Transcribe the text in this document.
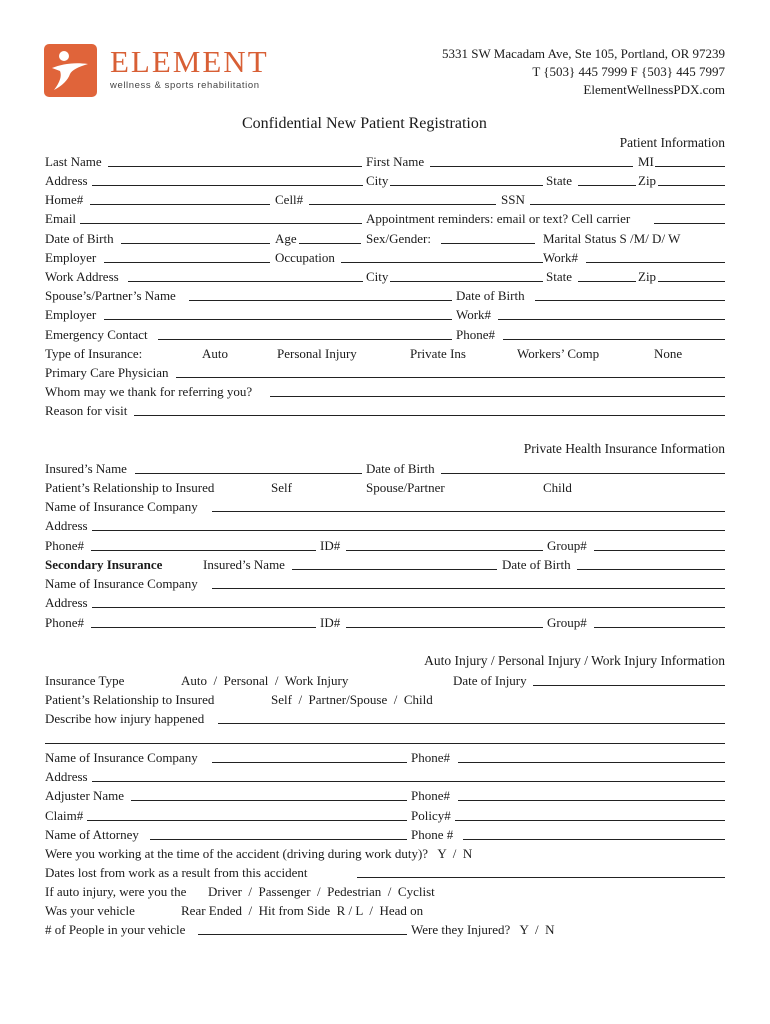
ELEMENT
wellness & sports rehabilitation
5331 SW Macadam Ave, Ste 105, Portland, OR 97239
T {503} 445 7999 F {503} 445 7997
ElementWellnessPDX.com
Confidential New Patient Registration
Patient Information
Last Name	First Name	MI
Address	City	State	Zip
Home#	Cell#	SSN
Email	Appointment reminders: email or text? Cell carrier
Date of Birth	Age	Sex/Gender:	Marital Status S /M/ D/ W
Employer	Occupation	Work#
Work Address	City	State	Zip
Spouse’s/Partner’s Name	Date of Birth
Employer	Work#
Emergency Contact	Phone#
Type of Insurance:	Auto	Personal Injury	Private Ins	Workers’ Comp	None
Primary Care Physician
Whom may we thank for referring you?
Reason for visit
Private Health Insurance Information
Insured’s Name	Date of Birth
Patient’s Relationship to Insured	Self	Spouse/Partner	Child
Name of Insurance Company
Address
Phone#	ID#	Group#
Secondary Insurance	Insured’s Name	Date of Birth
Name of Insurance Company
Address
Phone#	ID#	Group#
Auto Injury / Personal Injury / Work Injury Information
Insurance Type	Auto  /  Personal  /  Work Injury	Date of Injury
Patient’s Relationship to Insured	Self  /  Partner/Spouse  /  Child
Describe how injury happened
Name of Insurance Company	Phone#
Address
Adjuster Name	Phone#
Claim#	Policy#
Name of Attorney	Phone #
Were you working at the time of the accident (driving during work duty)?   Y  /  N
Dates lost from work as a result from this accident
If auto injury, were you the Driver  /  Passenger  /  Pedestrian  /  Cyclist
Was your vehicle	Rear Ended  /  Hit from Side  R / L  /  Head on
# of People in your vehicle	Were they Injured?   Y  /  N
